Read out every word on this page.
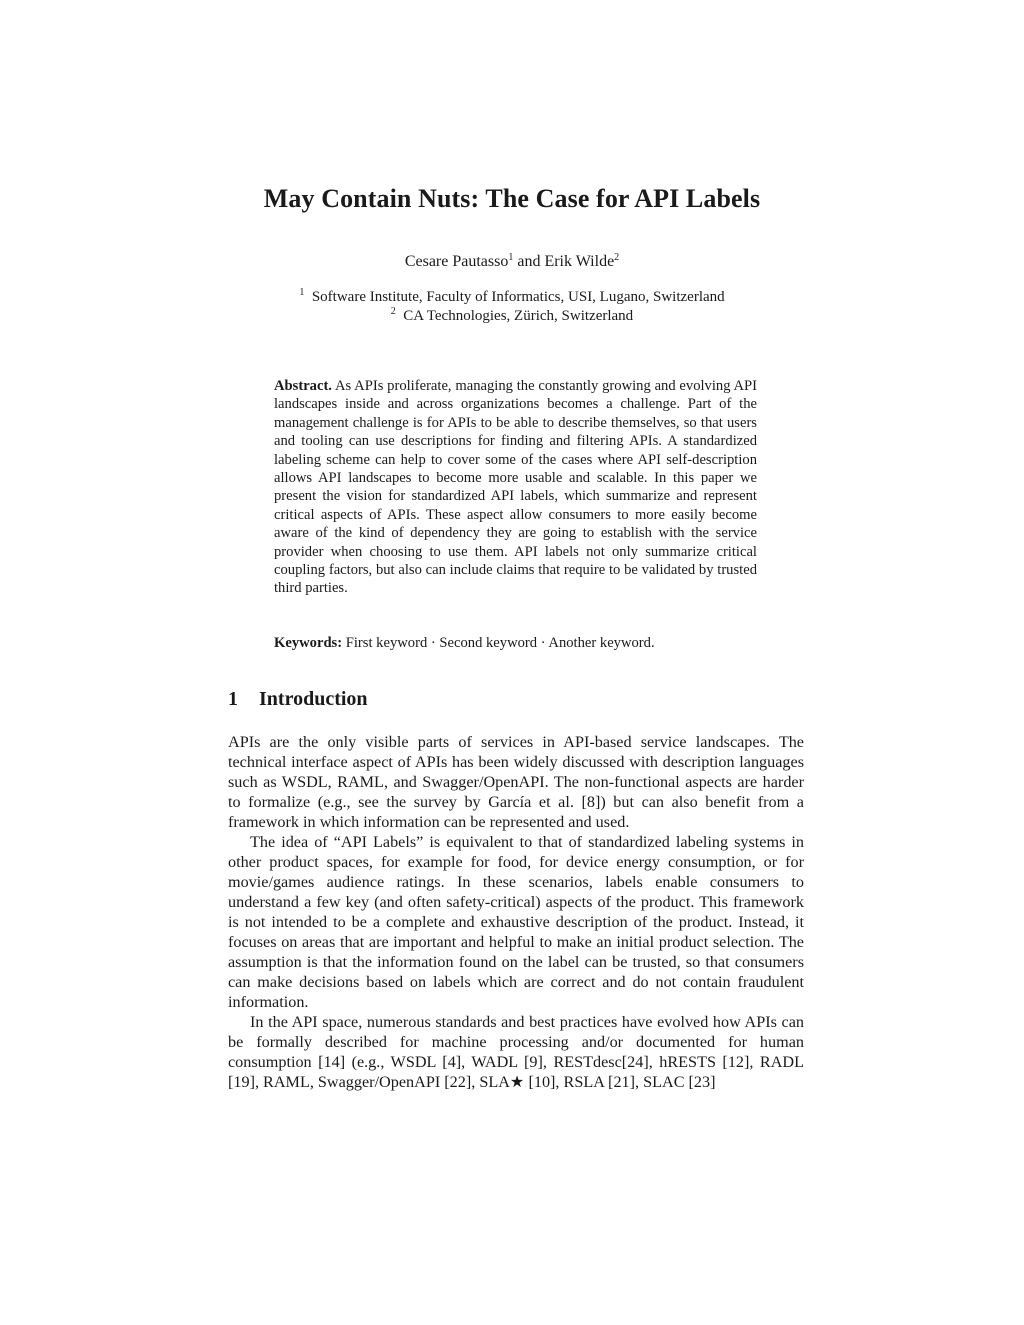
May Contain Nuts: The Case for API Labels
Cesare Pautasso$^1$ and Erik Wilde$^2$
$^1$ Software Institute, Faculty of Informatics, USI, Lugano, Switzerland
$^2$ CA Technologies, Zürich, Switzerland
Abstract. As APIs proliferate, managing the constantly growing and evolving API landscapes inside and across organizations becomes a challenge. Part of the management challenge is for APIs to be able to describe themselves, so that users and tooling can use descriptions for finding and filtering APIs. A standardized labeling scheme can help to cover some of the cases where API self-description allows API landscapes to become more usable and scalable. In this paper we present the vision for standardized API labels, which summarize and represent critical aspects of APIs. These aspect allow consumers to more easily become aware of the kind of dependency they are going to establish with the service provider when choosing to use them. API labels not only summarize critical coupling factors, but also can include claims that require to be validated by trusted third parties.
Keywords: First keyword · Second keyword · Another keyword.
1 Introduction

APIs are the only visible parts of services in API-based service landscapes. The technical interface aspect of APIs has been widely discussed with description languages such as WSDL, RAML, and Swagger/OpenAPI. The non-functional aspects are harder to formalize (e.g., see the survey by García et al. [8]) but can also benefit from a framework in which information can be represented and used.

The idea of “API Labels” is equivalent to that of standardized labeling systems in other product spaces, for example for food, for device energy consumption, or for movie/games audience ratings. In these scenarios, labels enable consumers to understand a few key (and often safety-critical) aspects of the product. This framework is not intended to be a complete and exhaustive description of the product. Instead, it focuses on areas that are important and helpful to make an initial product selection. The assumption is that the information found on the label can be trusted, so that consumers can make decisions based on labels which are correct and do not contain fraudulent information.

In the API space, numerous standards and best practices have evolved how APIs can be formally described for machine processing and/or documented for human consumption [14] (e.g., WSDL [4], WADL [9], RESTdesc[24], hRESTS [12], RADL [19], RAML, Swagger/OpenAPI [22], SLA★ [10], RSLA [21], SLAC [23]
